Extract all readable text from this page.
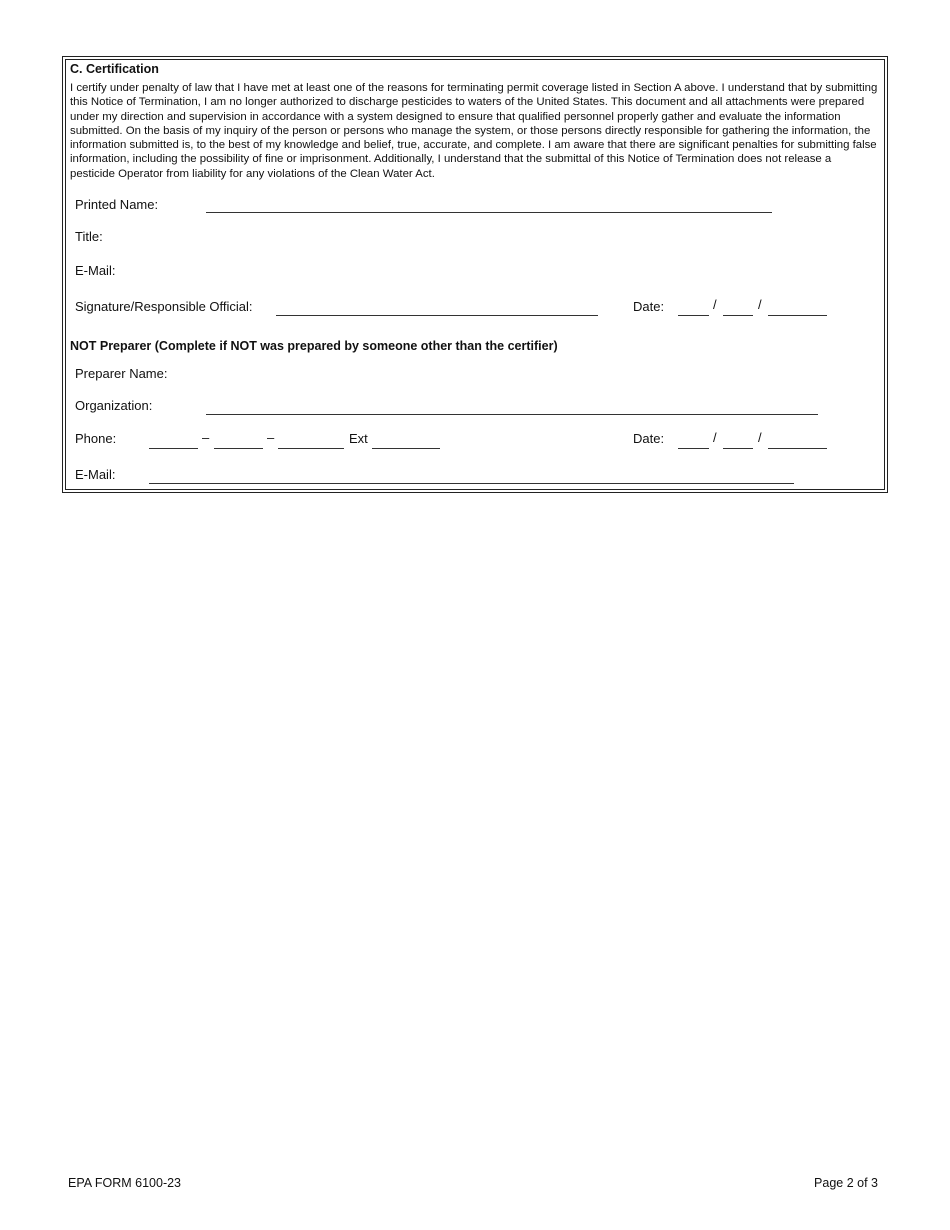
C. Certification
I certify under penalty of law that I have met at least one of the reasons for terminating permit coverage listed in Section A above. I understand that by submitting this Notice of Termination, I am no longer authorized to discharge pesticides to waters of the United States. This document and all attachments were prepared under my direction and supervision in accordance with a system designed to ensure that qualified personnel properly gather and evaluate the information submitted. On the basis of my inquiry of the person or persons who manage the system, or those persons directly responsible for gathering the information, the information submitted is, to the best of my knowledge and belief, true, accurate, and complete. I am aware that there are significant penalties for submitting false information, including the possibility of fine or imprisonment. Additionally, I understand that the submittal of this Notice of Termination does not release a pesticide Operator from liability for any violations of the Clean Water Act.
Printed Name:
Title:
E-Mail:
Signature/Responsible Official:	Date:	/	/
NOT Preparer (Complete if NOT was prepared by someone other than the certifier)
Preparer Name:
Organization:
Phone:	–	–	Ext	Date:	/	/
E-Mail:
EPA FORM 6100-23	Page 2 of 3
